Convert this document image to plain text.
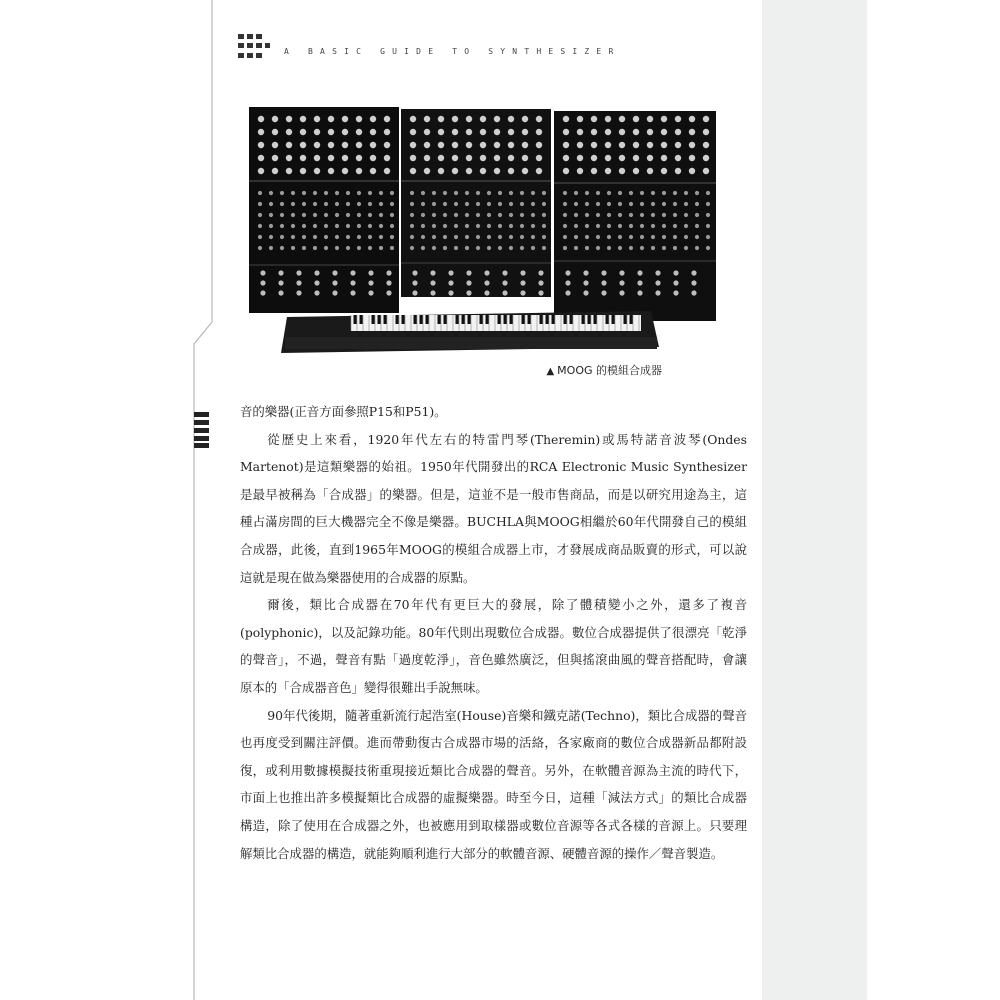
A BASIC GUIDE TO SYNTHESIZER
▲ MOOG 的模組合成器

音的樂器(正音方面參照P15和P51)。

從歷史上來看，1920年代左右的特雷門琴(Theremin)或馬特諾音波琴(Ondes Martenot)是這類樂器的始祖。1950年代開發出的RCA Electronic Music Synthesizer是最早被稱為「合成器」的樂器。但是，這並不是一般市售商品，而是以研究用途為主，這種占滿房間的巨大機器完全不像是樂器。BUCHLA與MOOG相繼於60年代開發自己的模組合成器，此後，直到1965年MOOG的模組合成器上市，才發展成商品販賣的形式，可以說這就是現在做為樂器使用的合成器的原點。

爾後，類比合成器在70年代有更巨大的發展，除了體積變小之外，還多了複音(polyphonic)，以及記錄功能。80年代則出現數位合成器。數位合成器提供了很漂亮「乾淨的聲音」，不過，聲音有點「過度乾淨」，音色雖然廣泛，但與搖滾曲風的聲音搭配時，會讓原本的「合成器音色」變得很難出手說無味。

90年代後期，隨著重新流行起浩室(House)音樂和鐵克諾(Techno)，類比合成器的聲音也再度受到關注評價。進而帶動復古合成器市場的活絡，各家廠商的數位合成器新品都附設復，或利用數據模擬技術重現接近類比合成器的聲音。另外，在軟體音源為主流的時代下，市面上也推出許多模擬類比合成器的虛擬樂器。時至今日，這種「減法方式」的類比合成器構造，除了使用在合成器之外，也被應用到取樣器或數位音源等各式各樣的音源上。只要理解類比合成器的構造，就能夠順利進行大部分的軟體音源、硬體音源的操作／聲音製造。
